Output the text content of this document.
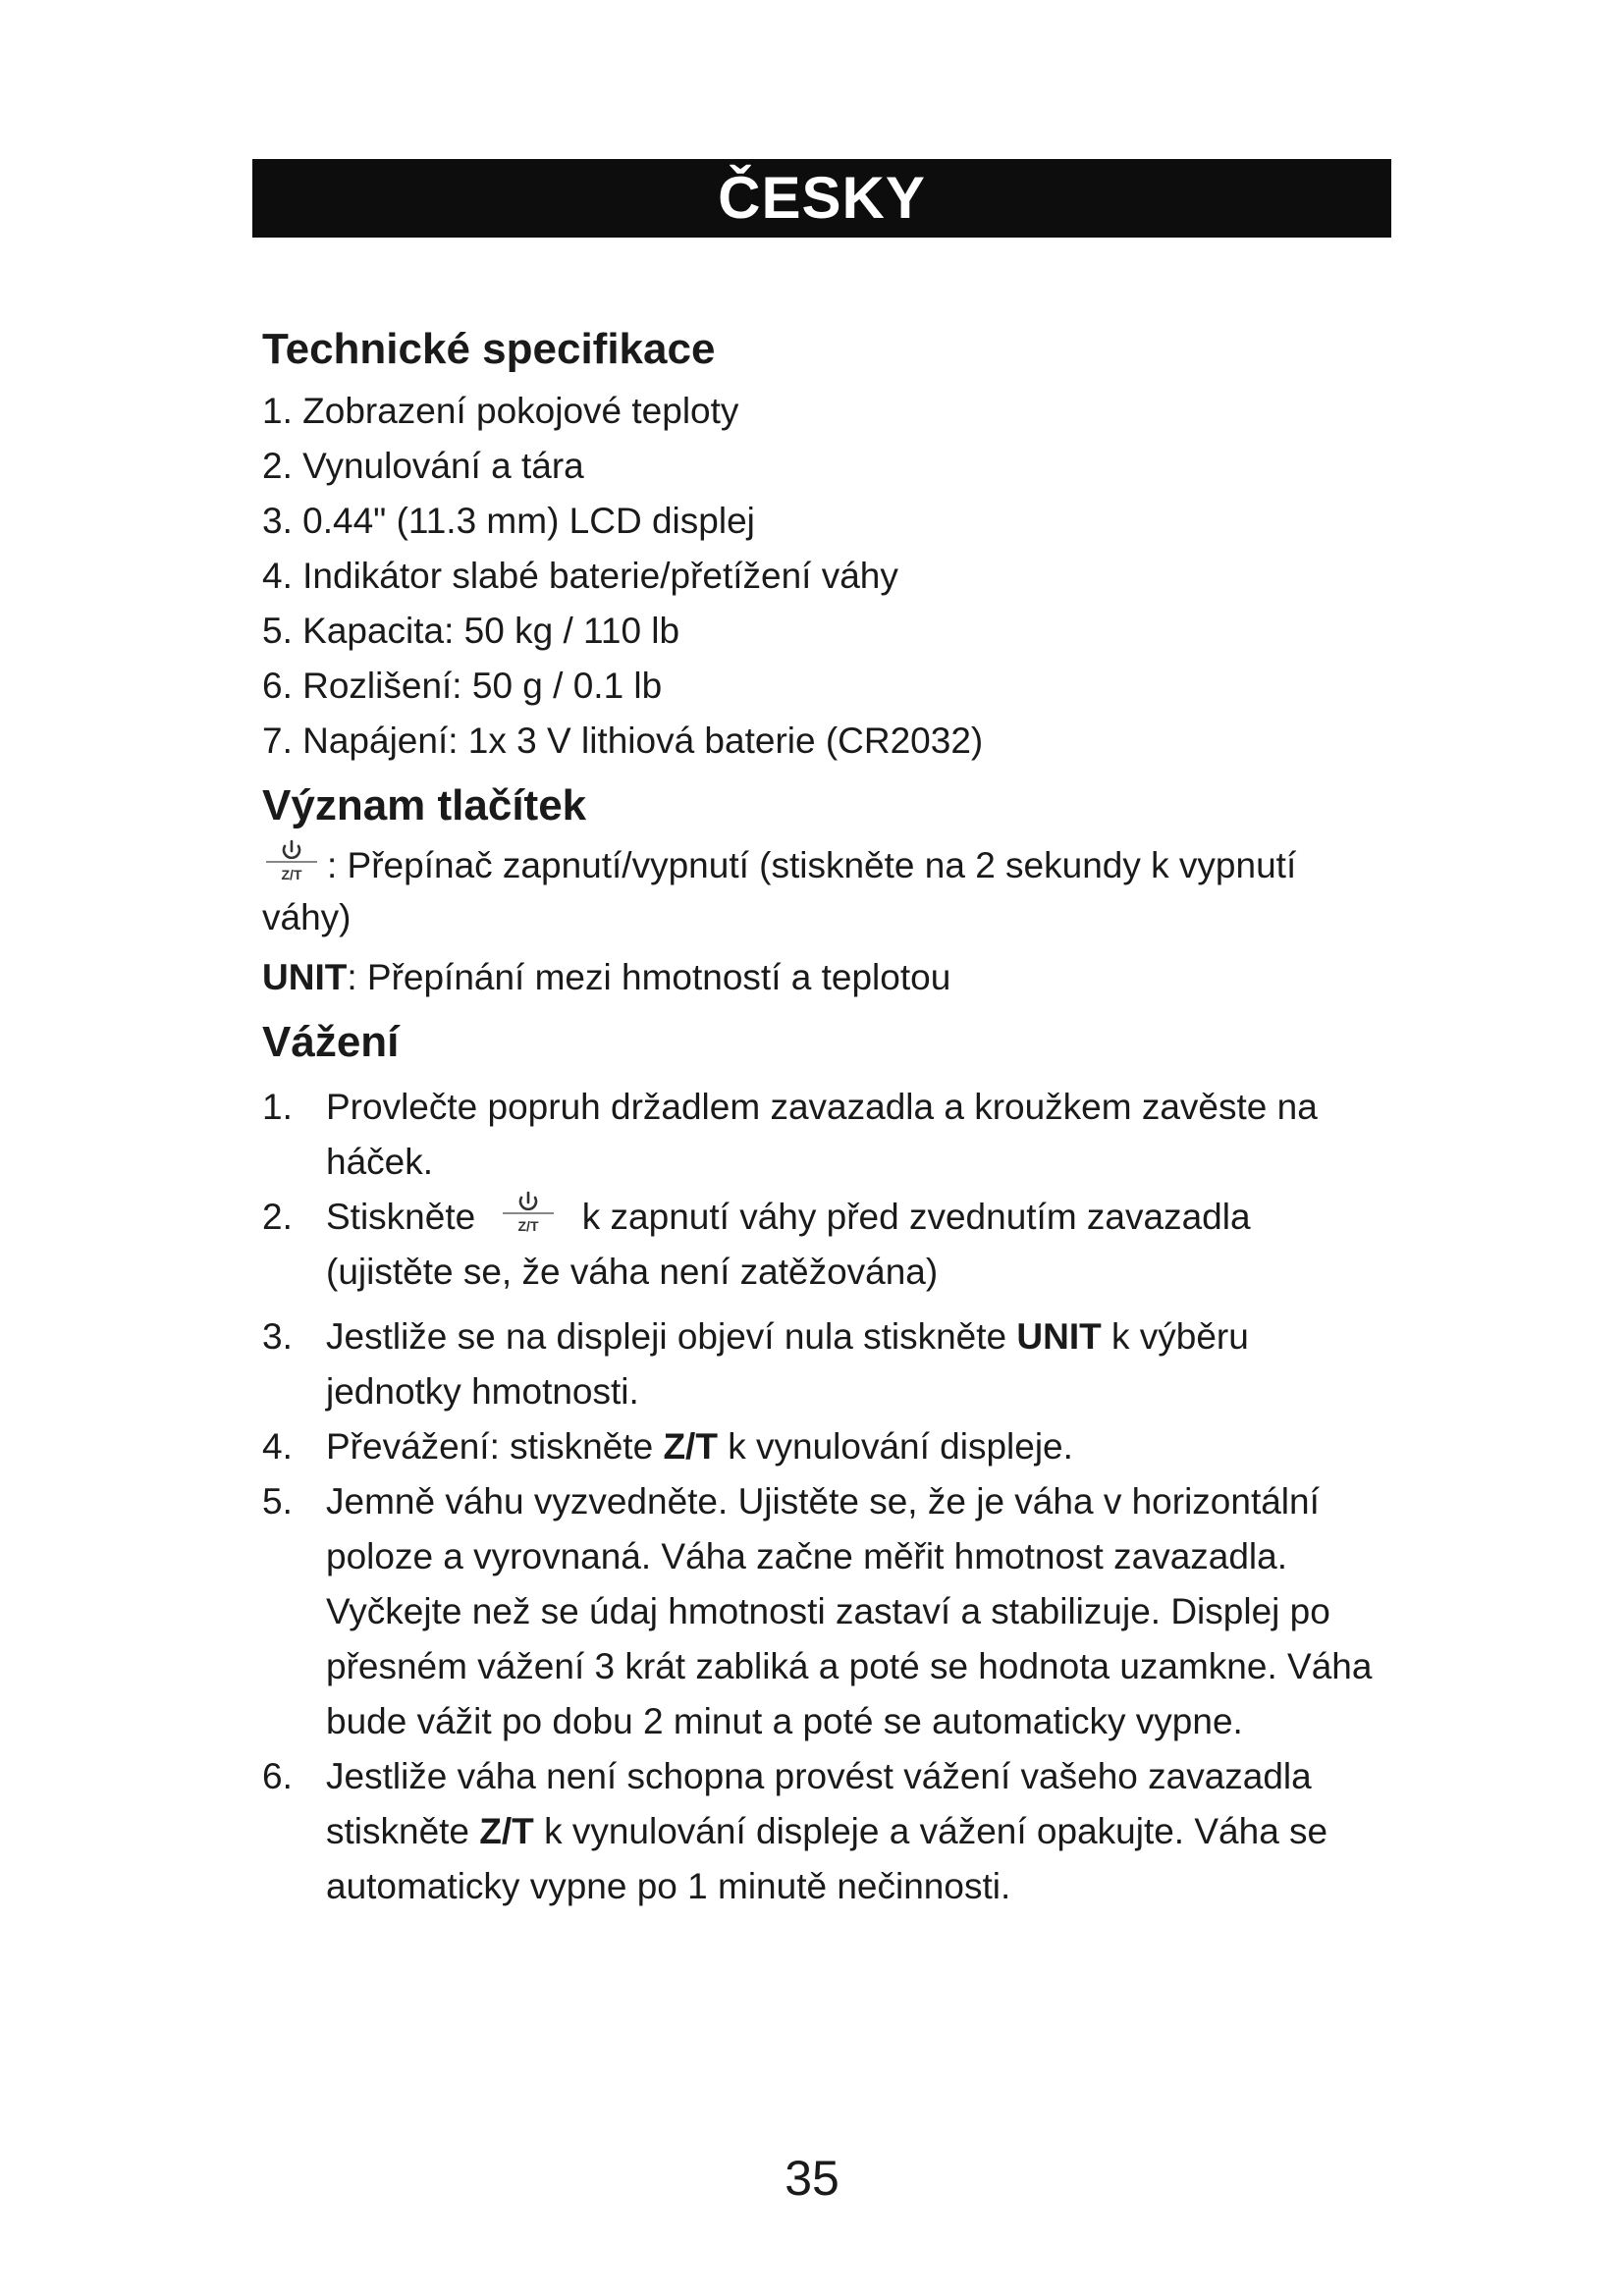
ČESKY
Technické specifikace
1. Zobrazení pokojové teploty
2. Vynulování a tára
3. 0.44" (11.3 mm) LCD displej
4. Indikátor slabé baterie/přetížení váhy
5. Kapacita: 50 kg / 110 lb
6. Rozlišení: 50 g / 0.1 lb
7. Napájení: 1x 3 V lithiová baterie (CR2032)
Význam tlačítek

Z/T : Přepínač zapnutí/vypnutí (stiskněte na 2 sekundy k vypnutí váhy)

UNIT: Přepínání mezi hmotností a teplotou

Vážení
1. Provlečte popruh držadlem zavazadla a kroužkem zavěste na háček.
2. Stiskněte	Z/T k zapnutí váhy před zvednutím zavazadla (ujistěte se, že váha není zatěžována)
3. Jestliže se na displeji objeví nula stiskněte UNIT k výběru jednotky hmotnosti.
4. Převážení: stiskněte Z/T k vynulování displeje.
5. Jemně váhu vyzvedněte. Ujistěte se, že je váha v horizontální poloze a vyrovnaná. Váha začne měřit hmotnost zavazadla. Vyčkejte než se údaj hmotnosti zastaví a stabilizuje. Displej po přesném vážení 3 krát zabliká a poté se hodnota uzamkne. Váha bude vážit po dobu 2 minut a poté se automaticky vypne.
6. Jestliže váha není schopna provést vážení vašeho zavazadla stiskněte Z/T k vynulování displeje a vážení opakujte. Váha se automaticky vypne po 1 minutě nečinnosti.
35
